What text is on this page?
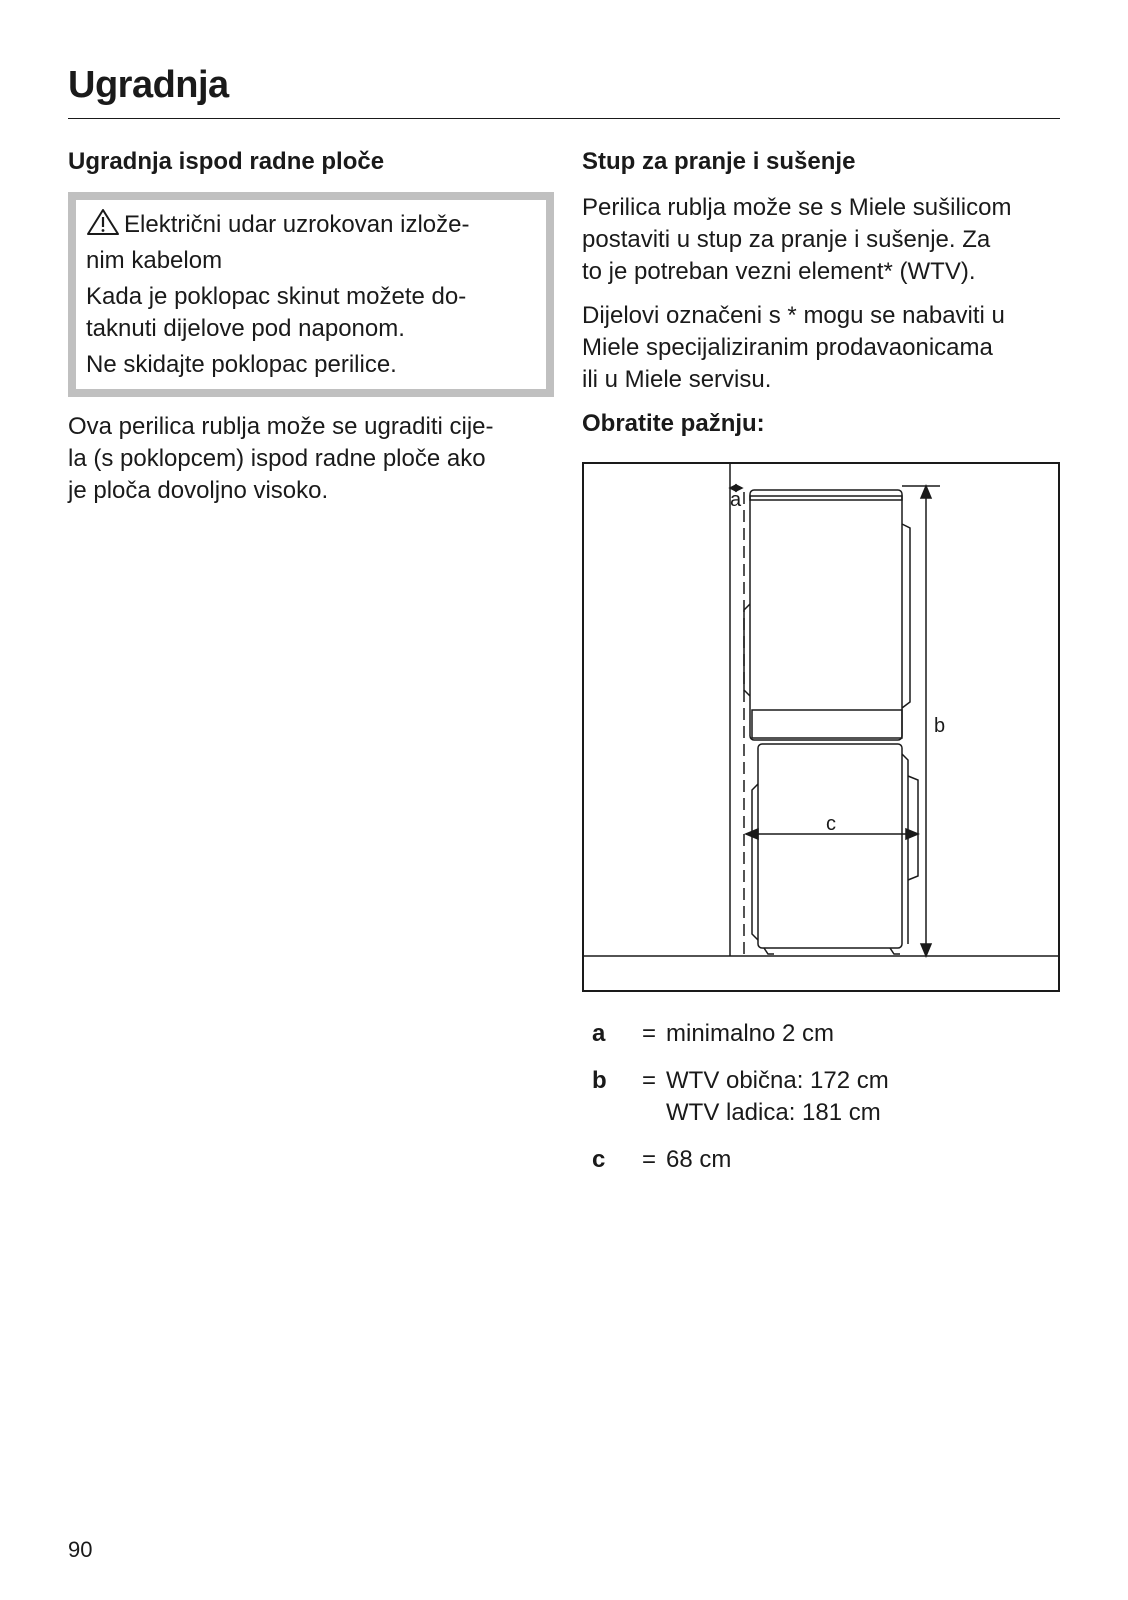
Ugradnja
Ugradnja ispod radne ploče

Električni udar uzrokovan izlože-
nim kabelom

Kada je poklopac skinut možete do-
taknuti dijelove pod naponom.

Ne skidajte poklopac perilice.

Ova perilica rublja može se ugraditi cije-
la (s poklopcem) ispod radne ploče ako
je ploča dovoljno visoko.

Stup za pranje i sušenje

Perilica rublja može se s Miele sušilicom
postaviti u stup za pranje i sušenje. Za
to je potreban vezni element* (WTV).

Dijelovi označeni s * mogu se nabaviti u
Miele specijaliziranim prodavaonicama
ili u Miele servisu.

Obratite pažnju:

a
b
c
a	= minimalno 2 cm
b	= WTV obična: 172 cm
WTV ladica: 181 cm
c	= 68 cm
90
